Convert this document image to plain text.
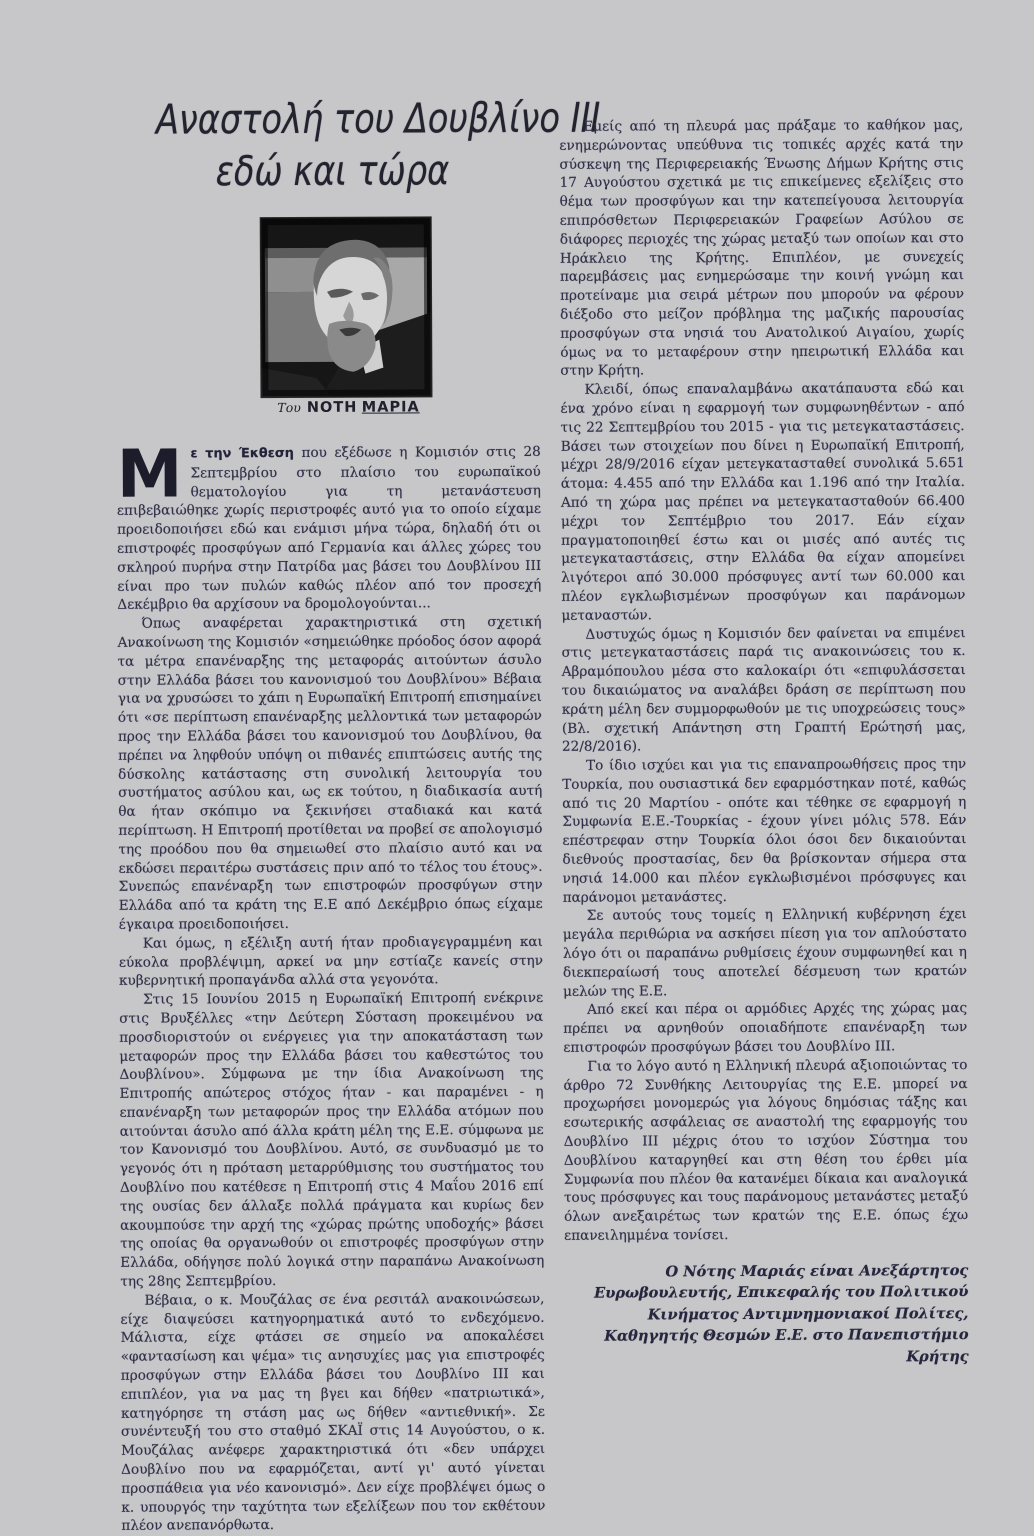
Αναστολή του Δουβλίνο III
εδώ και τώρα
Του ΝΟΤΗ ΜΑΡΙΑ

Με την Έκθεση που εξέδωσε η Κομισιόν στις 28 Σεπτεμβρίου στο πλαίσιο του ευρωπαϊκού θεματολογίου για τη μετανάστευση επιβεβαιώθηκε χωρίς περιστροφές αυτό για το οποίο είχαμε προειδοποιήσει εδώ και ενάμισι μήνα τώρα, δηλαδή ότι οι επιστροφές προσφύγων από Γερμανία και άλλες χώρες του σκληρού πυρήνα στην Πατρίδα μας βάσει του Δουβλίνου III είναι προ των πυλών καθώς πλέον από τον προσεχή Δεκέμβριο θα αρχίσουν να δρομολογούνται...

Όπως αναφέρεται χαρακτηριστικά στη σχετική Ανακοίνωση της Κομισιόν «σημειώθηκε πρόοδος όσον αφορά τα μέτρα επανέναρξης της μεταφοράς αιτούντων άσυλο στην Ελλάδα βάσει του κανονισμού του Δουβλίνου» Βέβαια για να χρυσώσει το χάπι η Ευρωπαϊκή Επιτροπή επισημαίνει ότι «σε περίπτωση επανέναρξης μελλοντικά των μεταφορών προς την Ελλάδα βάσει του κανονισμού του Δουβλίνου, θα πρέπει να ληφθούν υπόψη οι πιθανές επιπτώσεις αυτής της δύσκολης κατάστασης στη συνολική λειτουργία του συστήματος ασύλου και, ως εκ τούτου, η διαδικασία αυτή θα ήταν σκόπιμο να ξεκινήσει σταδιακά και κατά περίπτωση. Η Επιτροπή προτίθεται να προβεί σε απολογισμό της προόδου που θα σημειωθεί στο πλαίσιο αυτό και να εκδώσει περαιτέρω συστάσεις πριν από το τέλος του έτους». Συνεπώς επανέναρξη των επιστροφών προσφύγων στην Ελλάδα από τα κράτη της Ε.Ε από Δεκέμβριο όπως είχαμε έγκαιρα προειδοποιήσει.

Και όμως, η εξέλιξη αυτή ήταν προδιαγεγραμμένη και εύκολα προβλέψιμη, αρκεί να μην εστίαζε κανείς στην κυβερνητική προπαγάνδα αλλά στα γεγονότα.

Στις 15 Ιουνίου 2015 η Ευρωπαϊκή Επιτροπή ενέκρινε στις Βρυξέλλες «την Δεύτερη Σύσταση προκειμένου να προσδιοριστούν οι ενέργειες για την αποκατάσταση των μεταφορών προς την Ελλάδα βάσει του καθεστώτος του Δουβλίνου». Σύμφωνα με την ίδια Ανακοίνωση της Επιτροπής απώτερος στόχος ήταν - και παραμένει - η επανέναρξη των μεταφορών προς την Ελλάδα ατόμων που αιτούνται άσυλο από άλλα κράτη μέλη της Ε.Ε. σύμφωνα με τον Κανονισμό του Δουβλίνου. Αυτό, σε συνδυασμό με το γεγονός ότι η πρόταση μεταρρύθμισης του συστήματος του Δουβλίνο που κατέθεσε η Επιτροπή στις 4 Μαΐου 2016 επί της ουσίας δεν άλλαξε πολλά πράγματα και κυρίως δεν ακουμπούσε την αρχή της «χώρας πρώτης υποδοχής» βάσει της οποίας θα οργανωθούν οι επιστροφές προσφύγων στην Ελλάδα, οδήγησε πολύ λογικά στην παραπάνω Ανακοίνωση της 28ης Σεπτεμβρίου.

Βέβαια, ο κ. Μουζάλας σε ένα ρεσιτάλ ανακοινώσεων, είχε διαψεύσει κατηγορηματικά αυτό το ενδεχόμενο. Μάλιστα, είχε φτάσει σε σημείο να αποκαλέσει «φαντασίωση και ψέμα» τις ανησυχίες μας για επιστροφές προσφύγων στην Ελλάδα βάσει του Δουβλίνο III και επιπλέον, για να μας τη βγει και δήθεν «πατριωτικά», κατηγόρησε τη στάση μας ως δήθεν «αντιεθνική». Σε συνέντευξή του στο σταθμό ΣΚΑΪ στις 14 Αυγούστου, ο κ. Μουζάλας ανέφερε χαρακτηριστικά ότι «δεν υπάρχει Δουβλίνο που να εφαρμόζεται, αντί γι' αυτό γίνεται προσπάθεια για νέο κανονισμό». Δεν είχε προβλέψει όμως ο κ. υπουργός την ταχύτητα των εξελίξεων που τον εκθέτουν πλέον ανεπανόρθωτα.

Εμείς από τη πλευρά μας πράξαμε το καθήκον μας, ενημερώνοντας υπεύθυνα τις τοπικές αρχές κατά την σύσκεψη της Περιφερειακής Ένωσης Δήμων Κρήτης στις 17 Αυγούστου σχετικά με τις επικείμενες εξελίξεις στο θέμα των προσφύγων και την κατεπείγουσα λειτουργία επιπρόσθετων Περιφερειακών Γραφείων Ασύλου σε διάφορες περιοχές της χώρας μεταξύ των οποίων και στο Ηράκλειο της Κρήτης. Επιπλέον, με συνεχείς παρεμβάσεις μας ενημερώσαμε την κοινή γνώμη και προτείναμε μια σειρά μέτρων που μπορούν να φέρουν διέξοδο στο μείζον πρόβλημα της μαζικής παρουσίας προσφύγων στα νησιά του Ανατολικού Αιγαίου, χωρίς όμως να το μεταφέρουν στην ηπειρωτική Ελλάδα και στην Κρήτη.

Κλειδί, όπως επαναλαμβάνω ακατάπαυστα εδώ και ένα χρόνο είναι η εφαρμογή των συμφωνηθέντων - από τις 22 Σεπτεμβρίου του 2015 - για τις μετεγκαταστάσεις. Βάσει των στοιχείων που δίνει η Ευρωπαϊκή Επιτροπή, μέχρι 28/9/2016 είχαν μετεγκατασταθεί συνολικά 5.651 άτομα: 4.455 από την Ελλάδα και 1.196 από την Ιταλία. Από τη χώρα μας πρέπει να μετεγκατασταθούν 66.400 μέχρι τον Σεπτέμβριο του 2017. Εάν είχαν πραγματοποιηθεί έστω και οι μισές από αυτές τις μετεγκαταστάσεις, στην Ελλάδα θα είχαν απομείνει λιγότεροι από 30.000 πρόσφυγες αντί των 60.000 και πλέον εγκλωβισμένων προσφύγων και παράνομων μεταναστών.

Δυστυχώς όμως η Κομισιόν δεν φαίνεται να επιμένει στις μετεγκαταστάσεις παρά τις ανακοινώσεις του κ. Αβραμόπουλου μέσα στο καλοκαίρι ότι «επιφυλάσσεται του δικαιώματος να αναλάβει δράση σε περίπτωση που κράτη μέλη δεν συμμορφωθούν με τις υποχρεώσεις τους» (Βλ. σχετική Απάντηση στη Γραπτή Ερώτησή μας, 22/8/2016).

Το ίδιο ισχύει και για τις επαναπροωθήσεις προς την Τουρκία, που ουσιαστικά δεν εφαρμόστηκαν ποτέ, καθώς από τις 20 Μαρτίου - οπότε και τέθηκε σε εφαρμογή η Συμφωνία Ε.Ε.-Τουρκίας - έχουν γίνει μόλις 578. Εάν επέστρεφαν στην Τουρκία όλοι όσοι δεν δικαιούνται διεθνούς προστασίας, δεν θα βρίσκονταν σήμερα στα νησιά 14.000 και πλέον εγκλωβισμένοι πρόσφυγες και παράνομοι μετανάστες.

Σε αυτούς τους τομείς η Ελληνική κυβέρνηση έχει μεγάλα περιθώρια να ασκήσει πίεση για τον απλούστατο λόγο ότι οι παραπάνω ρυθμίσεις έχουν συμφωνηθεί και η διεκπεραίωσή τους αποτελεί δέσμευση των κρατών μελών της Ε.Ε.

Από εκεί και πέρα οι αρμόδιες Αρχές της χώρας μας πρέπει να αρνηθούν οποιαδήποτε επανέναρξη των επιστροφών προσφύγων βάσει του Δουβλίνο III.

Για το λόγο αυτό η Ελληνική πλευρά αξιοποιώντας το άρθρο 72 Συνθήκης Λειτουργίας της Ε.Ε. μπορεί να προχωρήσει μονομερώς για λόγους δημόσιας τάξης και εσωτερικής ασφάλειας σε αναστολή της εφαρμογής του Δουβλίνο III μέχρις ότου το ισχύον Σύστημα του Δουβλίνου καταργηθεί και στη θέση του έρθει μία Συμφωνία που πλέον θα κατανέμει δίκαια και αναλογικά τους πρόσφυγες και τους παράνομους μετανάστες μεταξύ όλων ανεξαιρέτως των κρατών της Ε.Ε. όπως έχω επανειλημμένα τονίσει.

Ο Νότης Μαριάς είναι Ανεξάρτητος
Ευρωβουλευτής, Επικεφαλής του Πολιτικού
Κινήματος Αντιμνημονιακοί Πολίτες,
Καθηγητής Θεσμών Ε.Ε. στο Πανεπιστήμιο Κρήτης
